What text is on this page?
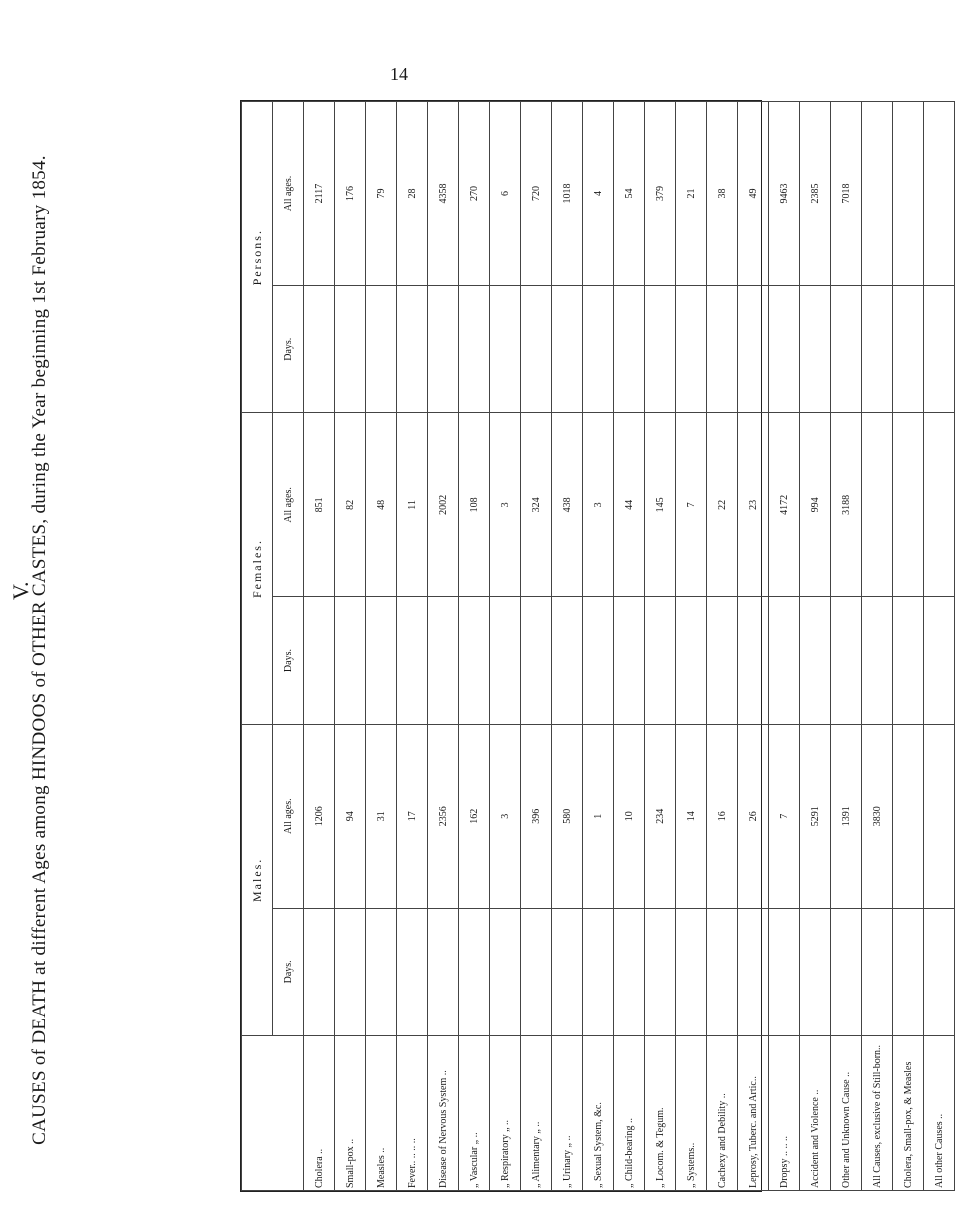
14
CAUSES of DEATH at different Ages among HINDOOS of OTHER CASTES, during the Year beginning 1st February 1854.
V.
	Males.		Females.		Persons.	
	Days.	All ages.	Days.	All ages.	Days.	All ages.
Cholera ..		1206		851		2117
Small-pox ..		94		82		176
Measles ..		31		48		79
Fever.. .. .. ..		17		11		28
Disease of Nervous System ..		2356		2002		4358
„ Vascular „ ..		162		108		270
„ Respiratory „ ..		3		3		6
„ Alimentary „ ..		396		324		720
„ Urinary „ ..		580		438		1018
„ Sexual System, &c.		1		3		4
„ Child-bearing ..		10		44		54
„ Locom. & Tegum.		234		145		379
„ Systems..		14		7		21
Cachexy and Debility ..		16		22		38
Leprosy, Tuberc. and Artic..		26		23		49
Dropsy .. .. ..		7		4172		9463
Accident and Violence ..		5291		994		2385
Other and Unknown Cause ..		1391		3188		7018
All Causes, exclusive of Still-born..		3830				
Cholera, Small-pox, & Measles						
All other Causes ..						
